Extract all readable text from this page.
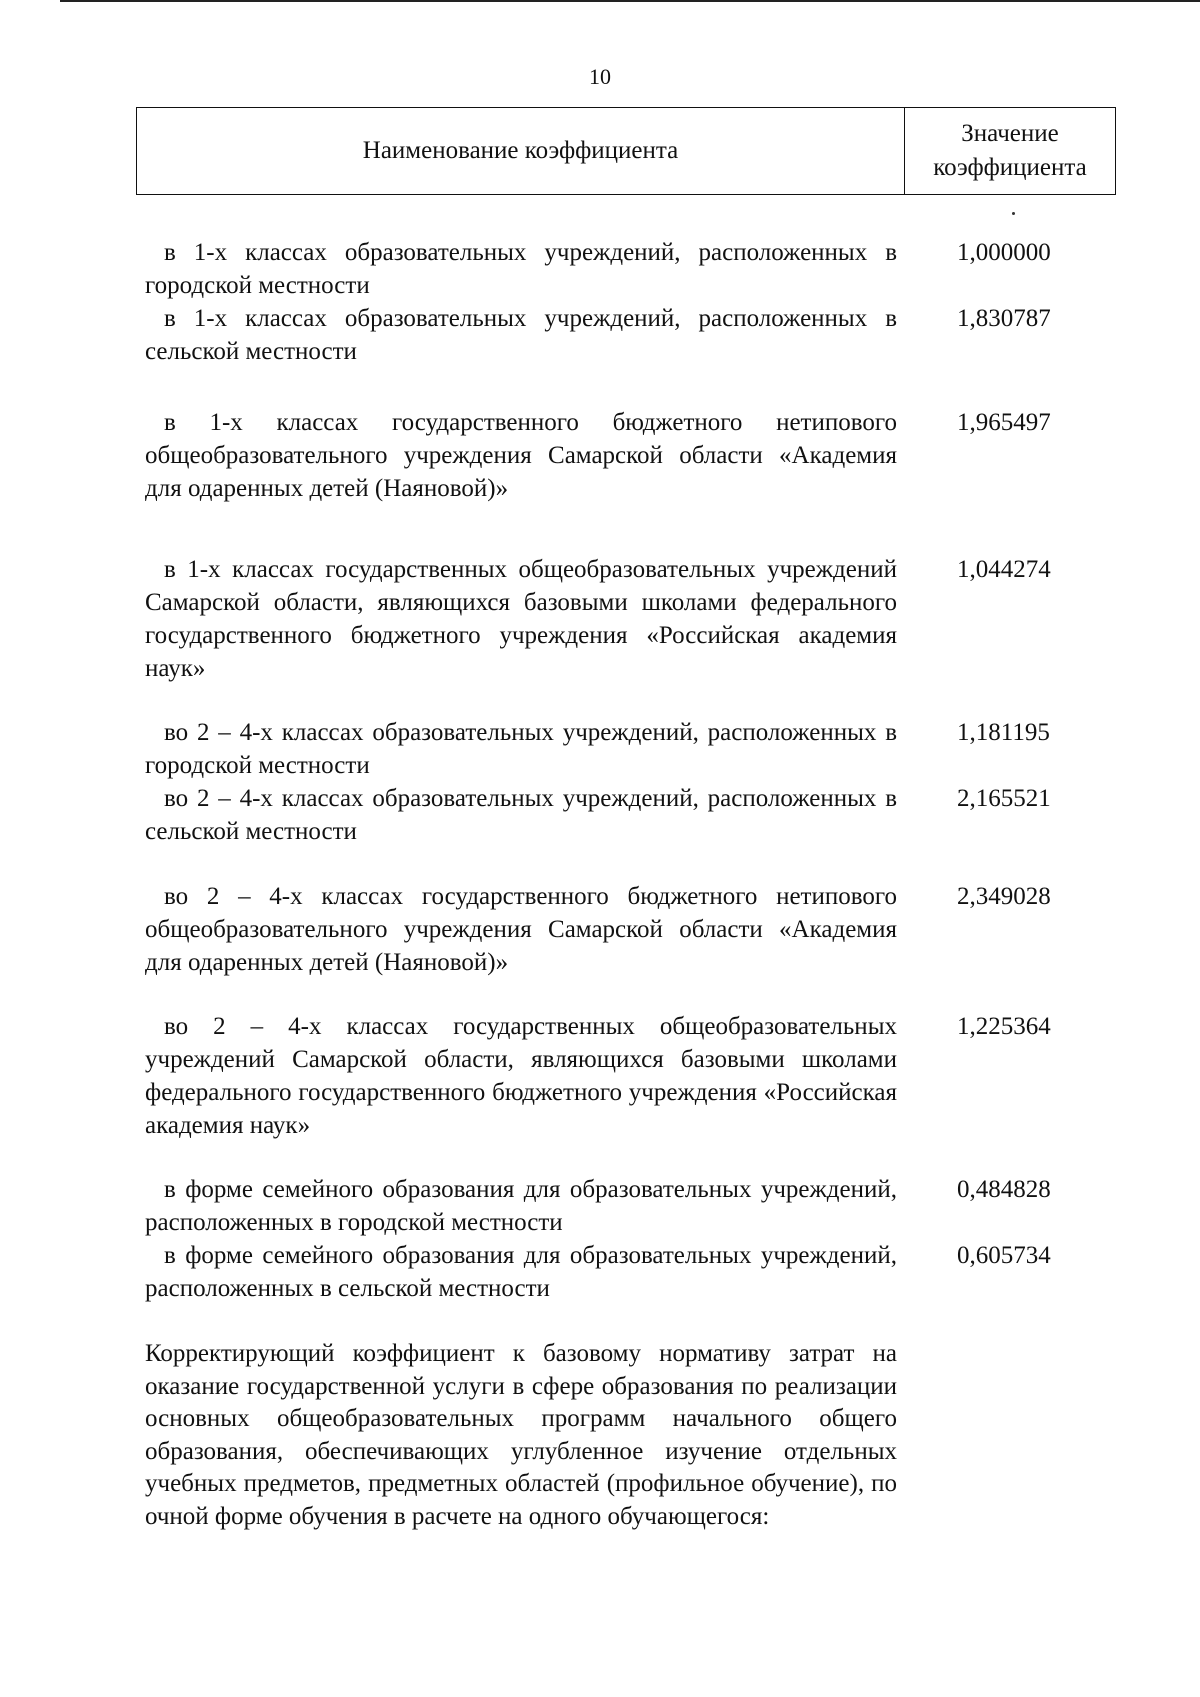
10
Наименование коэффициента
Значение
коэффициента
в 1-х классах образовательных учреждений, расположенных в городской местности
1,000000
в 1-х классах образовательных учреждений, расположенных в сельской местности
1,830787
в 1-х классах государственного бюджетного нетипового общеобразовательного учреждения Самарской области «Академия для одаренных детей (Наяновой)»
1,965497
в 1-х классах государственных общеобразовательных учреждений Самарской области, являющихся базовыми школами федерального государственного бюджетного учреждения «Российская академия наук»
1,044274
во 2 – 4-х классах образовательных учреждений, расположенных в городской местности
1,181195
во 2 – 4-х классах образовательных учреждений, расположенных в сельской местности
2,165521
во 2 – 4-х классах государственного бюджетного нетипового общеобразовательного учреждения Самарской области «Академия для одаренных детей (Наяновой)»
2,349028
во 2 – 4-х классах государственных общеобразовательных учреждений Самарской области, являющихся базовыми школами федерального государственного бюджетного учреждения «Российская академия наук»
1,225364
в форме семейного образования для образовательных учреждений, расположенных в городской местности
0,484828
в форме семейного образования для образовательных учреждений, расположенных в сельской местности
0,605734
Корректирующий коэффициент к базовому нормативу затрат на оказание государственной услуги в сфере образования по реализации основных общеобразовательных программ начального общего образования, обеспечивающих углубленное изучение отдельных учебных предметов, предметных областей (профильное обучение), по очной форме обучения в расчете на одного обучающегося:
